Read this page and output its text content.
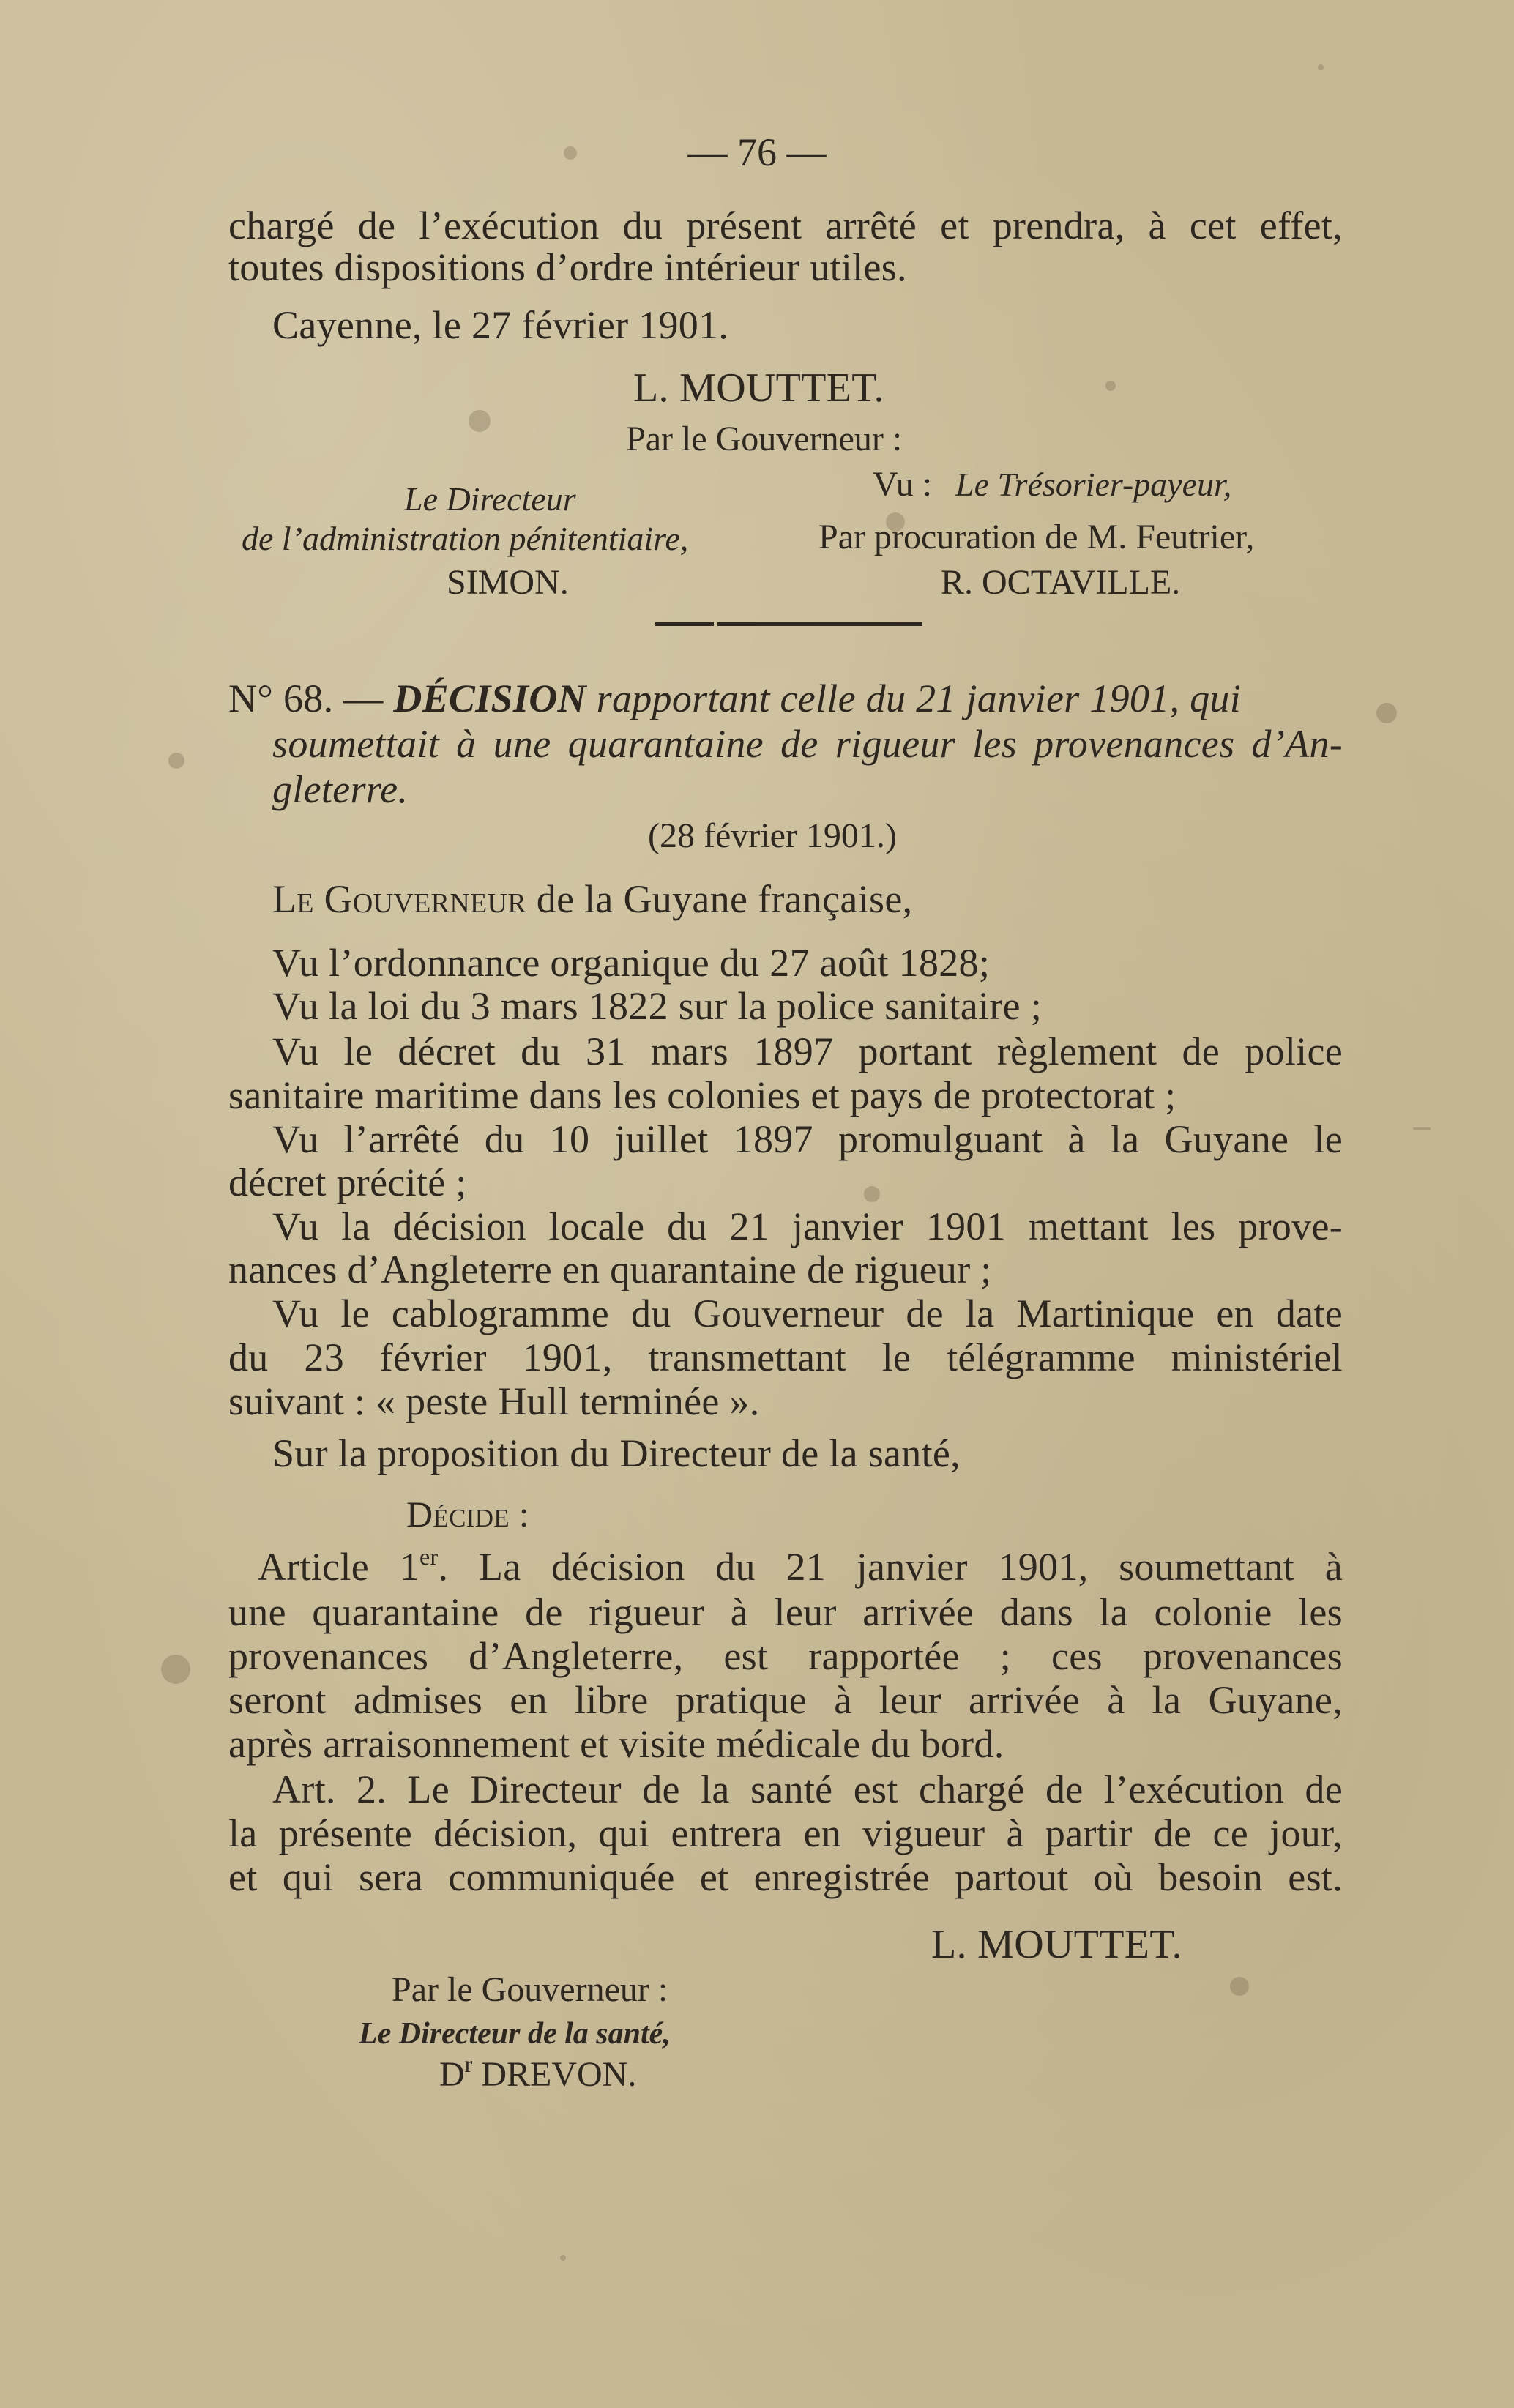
— 76 —
chargé de l’exécution du présent arrêté et prendra, à cet effet,
toutes dispositions d’ordre intérieur utiles.
Cayenne, le 27 février 1901.
L. MOUTTET.
Par le Gouverneur :
Le Directeur
de l’administration pénitentiaire,
SIMON.
Vu : Le Trésorier-payeur,
Par procuration de M. Feutrier,
R. OCTAVILLE.
N° 68. — DÉCISION rapportant celle du 21 janvier 1901, qui
soumettait à une quarantaine de rigueur les provenances d’An-
gleterre.
(28 février 1901.)
Le Gouverneur de la Guyane française,
Vu l’ordonnance organique du 27 août 1828;
Vu la loi du 3 mars 1822 sur la police sanitaire ;
Vu le décret du 31 mars 1897 portant règlement de police
sanitaire maritime dans les colonies et pays de protectorat ;
Vu l’arrêté du 10 juillet 1897 promulguant à la Guyane le
décret précité ;
Vu la décision locale du 21 janvier 1901 mettant les prove-
nances d’Angleterre en quarantaine de rigueur ;
Vu le cablogramme du Gouverneur de la Martinique en date
du 23 février 1901, transmettant le télégramme ministériel
suivant : « peste Hull terminée ».
Sur la proposition du Directeur de la santé,
Décide :
Article 1er. La décision du 21 janvier 1901, soumettant à
une quarantaine de rigueur à leur arrivée dans la colonie les
provenances d’Angleterre, est rapportée ; ces provenances
seront admises en libre pratique à leur arrivée à la Guyane,
après arraisonnement et visite médicale du bord.
Art. 2. Le Directeur de la santé est chargé de l’exécution de
la présente décision, qui entrera en vigueur à partir de ce jour,
et qui sera communiquée et enregistrée partout où besoin est.
L. MOUTTET.
Par le Gouverneur :
Le Directeur de la santé,
$D^r$ DREVON.
